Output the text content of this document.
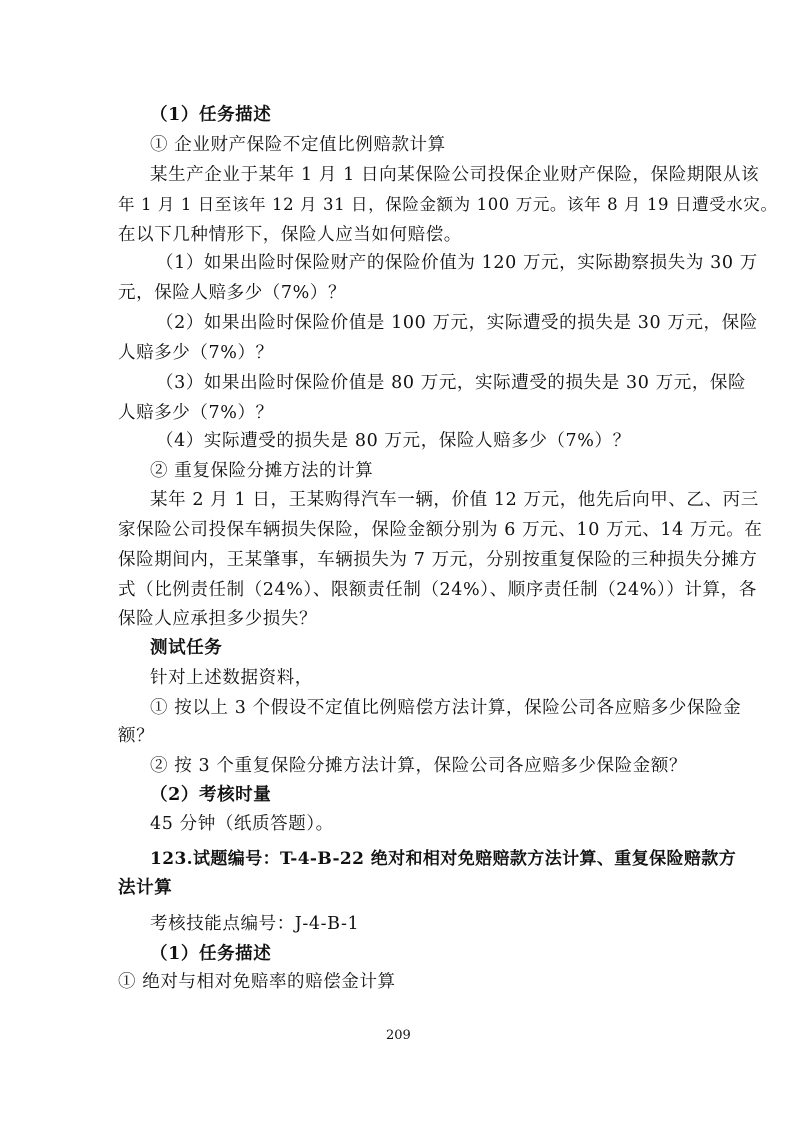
（1）任务描述
① 企业财产保险不定值比例赔款计算
某生产企业于某年 1 月 1 日向某保险公司投保企业财产保险，保险期限从该
年 1 月 1 日至该年 12 月 31 日，保险金额为 100 万元。该年 8 月 19 日遭受水灾。
在以下几种情形下，保险人应当如何赔偿。
（1）如果出险时保险财产的保险价值为 120 万元，实际勘察损失为 30 万
元，保险人赔多少（7%）？
（2）如果出险时保险价值是 100 万元，实际遭受的损失是 30 万元，保险
人赔多少（7%）？
（3）如果出险时保险价值是 80 万元，实际遭受的损失是 30 万元，保险
人赔多少（7%）？
（4）实际遭受的损失是 80 万元，保险人赔多少（7%）？
② 重复保险分摊方法的计算
某年 2 月 1 日，王某购得汽车一辆，价值 12 万元，他先后向甲、乙、丙三
家保险公司投保车辆损失保险，保险金额分别为 6 万元、10 万元、14 万元。在
保险期间内，王某肇事，车辆损失为 7 万元，分别按重复保险的三种损失分摊方
式（比例责任制（24%）、限额责任制（24%）、顺序责任制（24%））计算，各
保险人应承担多少损失？
测试任务
针对上述数据资料，
① 按以上 3 个假设不定值比例赔偿方法计算，保险公司各应赔多少保险金
额？
② 按 3 个重复保险分摊方法计算，保险公司各应赔多少保险金额？
（2）考核时量
45 分钟（纸质答题）。
123.试题编号：T-4-B-22 绝对和相对免赔赔款方法计算、重复保险赔款方
法计算
考核技能点编号：J-4-B-1
（1）任务描述
① 绝对与相对免赔率的赔偿金计算
209
